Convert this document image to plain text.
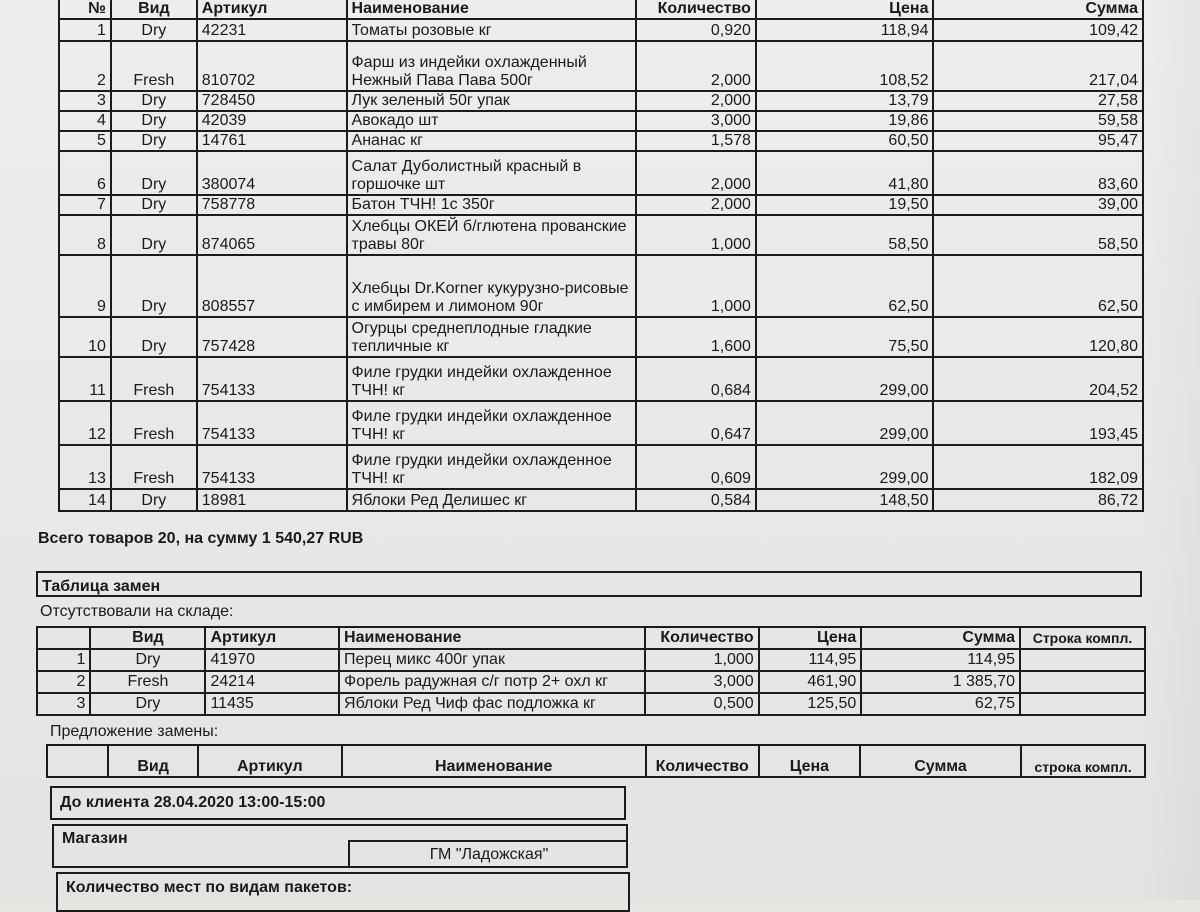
№	Вид	Артикул	Наименование	Количество	Цена	Сумма
1	Dry	42231	Томаты розовые кг	0,920	118,94	109,42
2	Fresh	810702	Фарш из индейки охлажденный Нежный Пава Пава 500г	2,000	108,52	217,04
3	Dry	728450	Лук зеленый 50г упак	2,000	13,79	27,58
4	Dry	42039	Авокадо шт	3,000	19,86	59,58
5	Dry	14761	Ананас кг	1,578	60,50	95,47
6	Dry	380074	Салат Дуболистный красный в горшочке шт	2,000	41,80	83,60
7	Dry	758778	Батон ТЧН! 1с 350г	2,000	19,50	39,00
8	Dry	874065	Хлебцы ОКЕЙ б/глютена прованские травы 80г	1,000	58,50	58,50
9	Dry	808557	Хлебцы Dr.Korner кукурузно-рисовые с имбирем и лимоном 90г	1,000	62,50	62,50
10	Dry	757428	Огурцы среднеплодные гладкие тепличные кг	1,600	75,50	120,80
11	Fresh	754133	Филе грудки индейки охлажденное ТЧН! кг	0,684	299,00	204,52
12	Fresh	754133	Филе грудки индейки охлажденное ТЧН! кг	0,647	299,00	193,45
13	Fresh	754133	Филе грудки индейки охлажденное ТЧН! кг	0,609	299,00	182,09
14	Dry	18981	Яблоки Ред Делишес кг	0,584	148,50	86,72
Всего товаров 20, на сумму 1 540,27 RUB
Таблица замен
Отсутствовали на складе:
	Вид	Артикул	Наименование	Количество	Цена	Сумма	Строка компл.
1	Dry	41970	Перец микс 400г упак	1,000	114,95	114,95	
2	Fresh	24214	Форель радужная с/г потр 2+ охл кг	3,000	461,90	1 385,70	
3	Dry	11435	Яблоки Ред Чиф фас подложка кг	0,500	125,50	62,75	
Предложение замены:
	Вид	Артикул	Наименование	Количество	Цена	Сумма	строка компл.
До клиента 28.04.2020 13:00-15:00
Магазин
ГМ "Ладожская"
Количество мест по видам пакетов:
